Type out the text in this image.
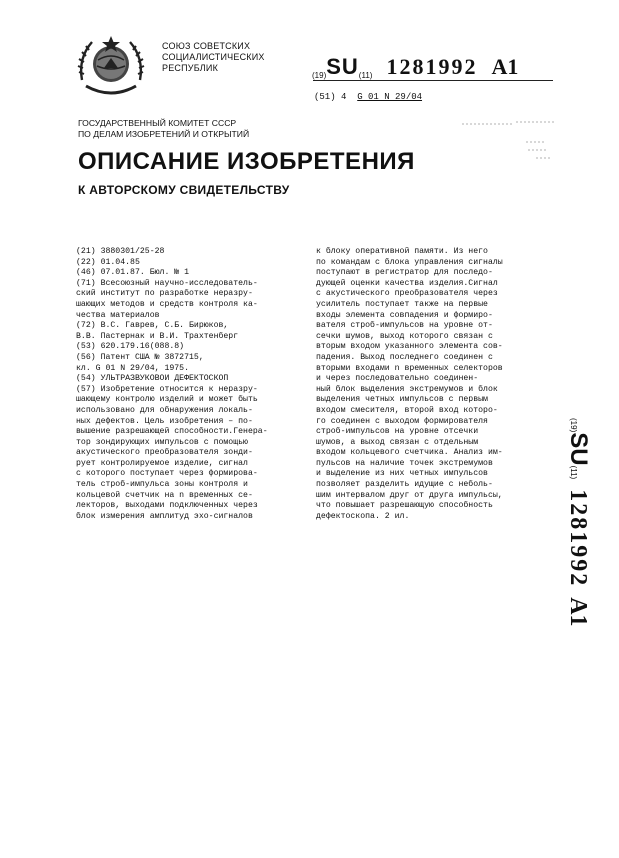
СОЮЗ СОВЕТСКИХ
СОЦИАЛИСТИЧЕСКИХ
РЕСПУБЛИК
(19)SU(11) 1281992 A1
(51) 4 G 01 N 29/04
ГОСУДАРСТВЕННЫЙ КОМИТЕТ СССР
ПО ДЕЛАМ ИЗОБРЕТЕНИЙ И ОТКРЫТИЙ
ОПИСАНИЕ ИЗОБРЕТЕНИЯ
К АВТОРСКОМУ СВИДЕТЕЛЬСТВУ
(21) 3880301/25-28
(22) 01.04.85
(46) 07.01.87. Бюл. № 1
(71) Всесоюзный научно-исследователь-
ский институт по разработке неразру-
шающих методов и средств контроля ка-
чества материалов
(72) В.С. Гаврев, С.Б. Бирюков,
В.В. Пастернак и В.И. Трахтенберг
(53) 620.179.16(088.8)
(56) Патент США № 3872715,
кл. G 01 N 29/04, 1975.
(54) УЛЬТРАЗВУКОВОЙ ДЕФЕКТОСКОП
(57) Изобретение относится к неразру-
шающему контролю изделий и может быть
использовано для обнаружения локаль-
ных дефектов. Цель изобретения – по-
вышение разрешающей способности.Генера-
тор зондирующих импульсов с помощью
акустического преобразователя зонди-
рует контролируемое изделие, сигнал
с которого поступает через формировa-
тель строб-импульса зоны контроля и
кольцевой счетчик на n временных се-
лекторов, выходами подключенных через
блок измерения амплитуд эхо-сигналов
к блоку оперативной памяти. Из него
по командам с блока управления сигналы
поступают в регистратор для последо-
дующей оценки качества изделия.Сигнал
с акустического преобразователя через
усилитель поступает также на первые
входы элемента совпадения и формиро-
вателя строб-импульсов на уровне от-
сечки шумов, выход которого связан с
вторым входом указанного элемента сов-
падения. Выход последнего соединен с
вторыми входами n временных селекторов
и через последовательно соединен-
ный блок выделения экстремумов и блок
выделения четных импульсов с первым
входом смесителя, второй вход которо-
го соединен с выходом формирователя
строб-импульсов на уровне отсечки
шумов, а выход связан с отдельным
входом кольцевого счетчика. Анализ им-
пульсов на наличие точек экстремумов
и выделение из них четных импульсов
позволяет разделить идущие с неболь-
шим интервалом друг от друга импульсы,
что повышает разрешающую способность
дефектоскопа. 2 ил.
(19)SU(11)1281992A1
